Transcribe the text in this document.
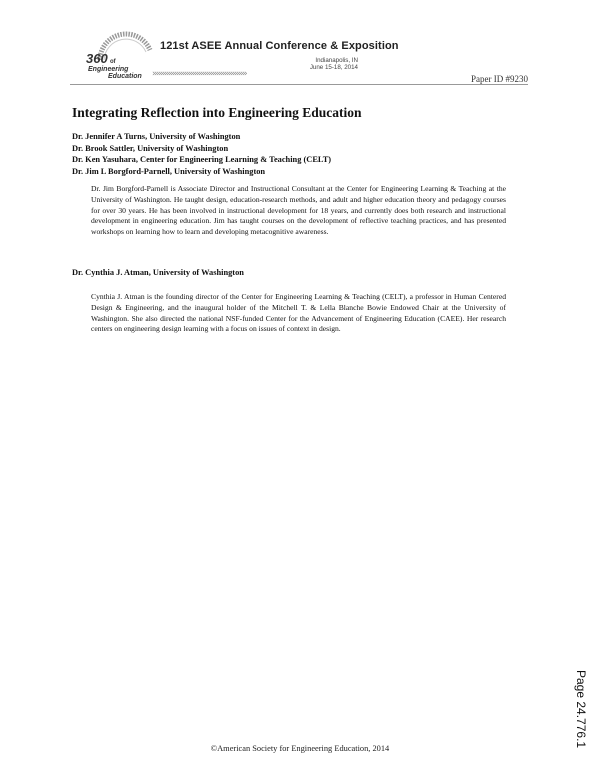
360 of
Engineering
Education
121st ASEE Annual Conference & Exposition
Indianapolis, IN
June 15-18, 2014
›››››››››››››››››››››››››››››››››››››››››››››››	Paper ID #9230
Integrating Reflection into Engineering Education
Dr. Jennifer A Turns, University of Washington
Dr. Brook Sattler, University of Washington
Dr. Ken Yasuhara, Center for Engineering Learning & Teaching (CELT)
Dr. Jim L Borgford-Parnell, University of Washington

Dr. Jim Borgford-Parnell is Associate Director and Instructional Consultant at the Center for Engineering Learning & Teaching at the University of Washington. He taught design, education-research methods, and adult and higher education theory and pedagogy courses for over 30 years. He has been involved in instructional development for 18 years, and currently does both research and instructional development in engineering education. Jim has taught courses on the development of reflective teaching practices, and has presented workshops on learning how to learn and developing metacognitive awareness.

Dr. Cynthia J. Atman, University of Washington

Cynthia J. Atman is the founding director of the Center for Engineering Learning & Teaching (CELT), a professor in Human Centered Design & Engineering, and the inaugural holder of the Mitchell T. & Lella Blanche Bowie Endowed Chair at the University of Washington. She also directed the national NSF-funded Center for the Advancement of Engineering Education (CAEE). Her research centers on engineering design learning with a focus on issues of context in design.

Page 24.776.1
©American Society for Engineering Education, 2014
